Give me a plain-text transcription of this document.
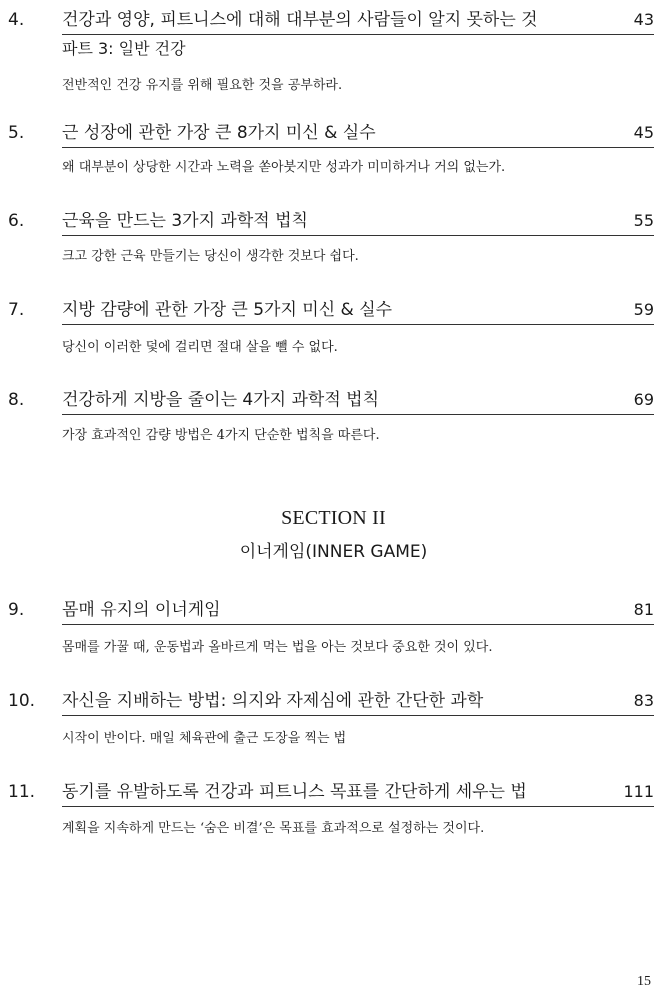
4. 건강과 영양, 피트니스에 대해 대부분의 사람들이 알지 못하는 것	43
파트 3: 일반 건강
전반적인 건강 유지를 위해 필요한 것을 공부하라.
5. 근 성장에 관한 가장 큰 8가지 미신 & 실수	45
왜 대부분이 상당한 시간과 노력을 쏟아붓지만 성과가 미미하거나 거의 없는가.
6. 근육을 만드는 3가지 과학적 법칙	55
크고 강한 근육 만들기는 당신이 생각한 것보다 쉽다.
7. 지방 감량에 관한 가장 큰 5가지 미신 & 실수	59
당신이 이러한 덫에 걸리면 절대 살을 뺄 수 없다.
8. 건강하게 지방을 줄이는 4가지 과학적 법칙	69
가장 효과적인 감량 방법은 4가지 단순한 법칙을 따른다.
SECTION II
이너게임(INNER GAME)
9. 몸매 유지의 이너게임	81
몸매를 가꿀 때, 운동법과 올바르게 먹는 법을 아는 것보다 중요한 것이 있다.
10. 자신을 지배하는 방법: 의지와 자제심에 관한 간단한 과학	83
시작이 반이다. 매일 체육관에 출근 도장을 찍는 법
11. 동기를 유발하도록 건강과 피트니스 목표를 간단하게 세우는 법	111
계획을 지속하게 만드는 ‘숨은 비결’은 목표를 효과적으로 설정하는 것이다.
15
